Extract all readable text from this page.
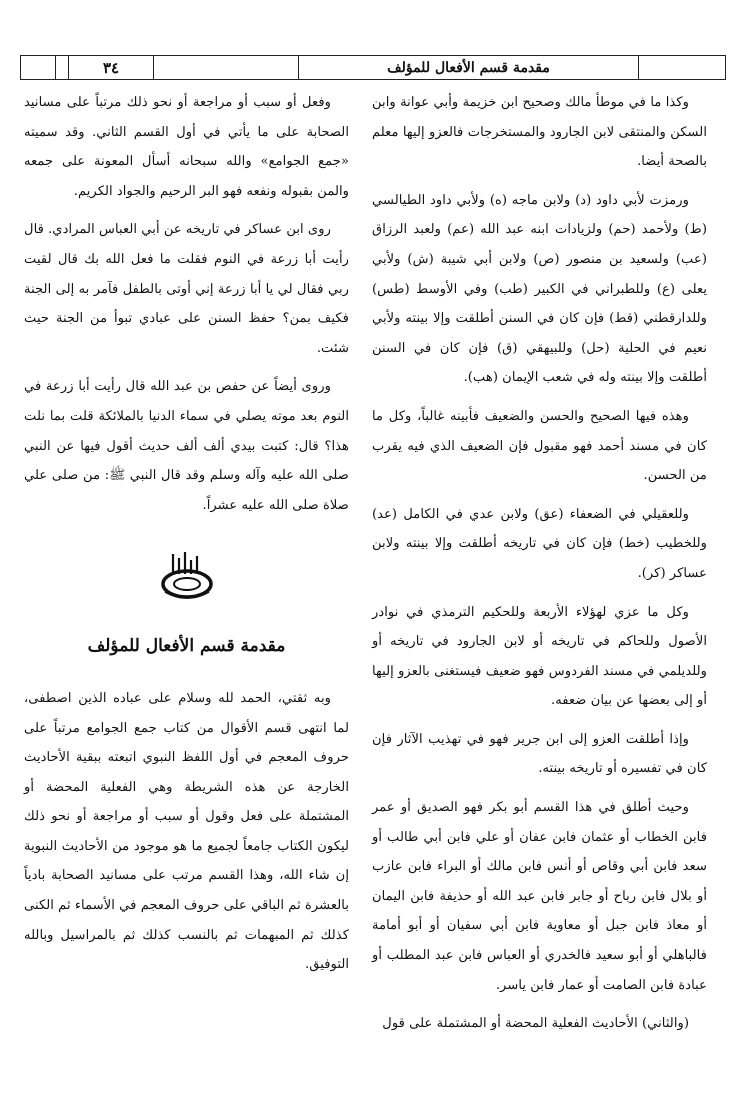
٣٤	مقدمة قسم الأفعال للمؤلف

وكذا ما في موطأ مالك وصحيح ابن خزيمة وأبي عوانة وابن السكن والمنتقى لابن الجارود والمستخرجات فالعزو إليها معلم بالصحة أيضا.

ورمزت لأبي داود (د) ولابن ماجه (ه) ولأبي داود الطيالسي (ط) ولأحمد (حم) ولزيادات ابنه عبد الله (عم) ولعبد الرزاق (عب) ولسعيد بن منصور (ص) ولابن أبي شيبة (ش) ولأبي يعلى (ع) وللطبراني في الكبير (طب) وفي الأوسط (طس) وللدارقطني (قط) فإن كان في السنن أطلقت وإلا بينته ولأبي نعيم في الحلية (حل) وللبيهقي (ق) فإن كان في السنن أطلقت وإلا بينته وله في شعب الإيمان (هب).

وهذه فيها الصحيح والحسن والضعيف فأبينه غالباً، وكل ما كان في مسند أحمد فهو مقبول فإن الضعيف الذي فيه يقرب من الحسن.

وللعقيلي في الضعفاء (عق) ولابن عدي في الكامل (عد) وللخطيب (خط) فإن كان في تاريخه أطلقت وإلا بينته ولابن عساكر (كر).

وكل ما عزي لهؤلاء الأربعة وللحكيم الترمذي في نوادر الأصول وللحاكم في تاريخه أو لابن الجارود في تاريخه أو وللديلمي في مسند الفردوس فهو ضعيف فيستغنى بالعزو إليها أو إلى بعضها عن بيان ضعفه.

وإذا أطلقت العزو إلى ابن جرير فهو في تهذيب الآثار فإن كان في تفسيره أو تاريخه بينته.

وحيث أطلق في هذا القسم أبو بكر فهو الصديق أو عمر فابن الخطاب أو عثمان فابن عفان أو علي فابن أبي طالب أو سعد فابن أبي وقاص أو أنس فابن مالك أو البراء فابن عازب أو بلال فابن رباح أو جابر فابن عبد الله أو حذيفة فابن اليمان أو معاذ فابن جبل أو معاوية فابن أبي سفيان أو أبو أمامة فالباهلي أو أبو سعيد فالخدري أو العباس فابن عبد المطلب أو عبادة فابن الصامت أو عمار فابن ياسر.

(والثاني) الأحاديث الفعلية المحضة أو المشتملة على قول

وفعل أو سبب أو مراجعة أو نحو ذلك مرتباً على مسانيد الصحابة على ما يأتي في أول القسم الثاني. وقد سميته «جمع الجوامع» والله سبحانه أسأل المعونة على جمعه والمن بقبوله ونفعه فهو البر الرحيم والجواد الكريم.

روى ابن عساكر في تاريخه عن أبي العباس المرادي. قال رأيت أبا زرعة في النوم فقلت ما فعل الله بك قال لقيت ربي فقال لي يا أبا زرعة إني أوتى بالطفل فآمر به إلى الجنة فكيف بمن؟ حفظ السنن على عبادي تبوأ من الجنة حيث شئت.

وروى أيضاً عن حفص بن عبد الله قال رأيت أبا زرعة في النوم بعد موته يصلي في سماء الدنيا بالملائكة قلت بما نلت هذا؟ قال: كتبت بيدي ألف ألف حديث أقول فيها عن النبي صلى الله عليه وآله وسلم وقد قال النبي ﷺ: من صلى علي صلاة صلى الله عليه عشراً.

مقدمة قسم الأفعال للمؤلف

وبه ثقتي، الحمد لله وسلام على عباده الذين اصطفى، لما انتهى قسم الأقوال من كتاب جمع الجوامع مرتباً على حروف المعجم في أول اللفظ النبوي اتبعته ببقية الأحاديث الخارجة عن هذه الشريطة وهي الفعلية المحضة أو المشتملة على فعل وقول أو سبب أو مراجعة أو نحو ذلك ليكون الكتاب جامعاً لجميع ما هو موجود من الأحاديث النبوية إن شاء الله، وهذا القسم مرتب على مسانيد الصحابة بادياً بالعشرة ثم الباقي على حروف المعجم في الأسماء ثم الكنى كذلك ثم المبهمات ثم بالنسب كذلك ثم بالمراسيل وبالله التوفيق.
